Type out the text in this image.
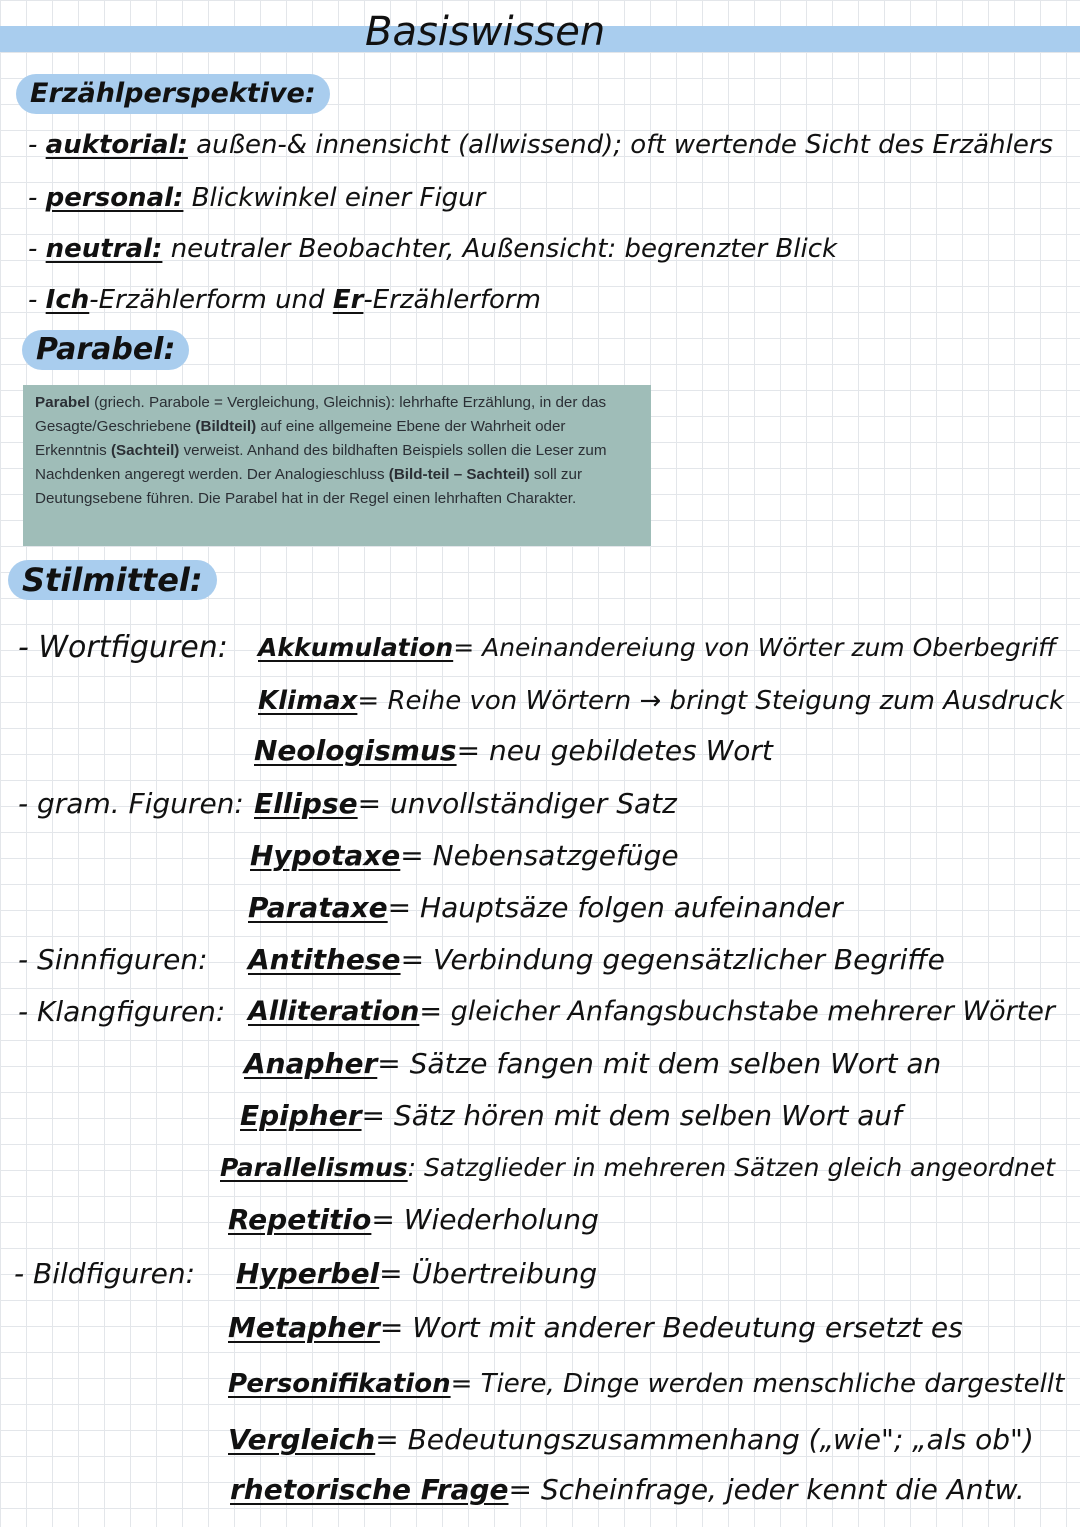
Basiswissen
Erzählperspektive:
- auktorial: außen-& innensicht (allwissend); oft wertende Sicht des Erzählers
- personal: Blickwinkel einer Figur
- neutral: neutraler Beobachter, Außensicht: begrenzter Blick
- Ich-Erzählerform und Er-Erzählerform
Parabel:
Parabel (griech. Parabole = Vergleichung, Gleichnis): lehrhafte Erzählung, in der das Gesagte/Geschriebene (Bildteil) auf eine allgemeine Ebene der Wahrheit oder Erkenntnis (Sachteil) verweist. Anhand des bildhaften Beispiels sollen die Leser zum Nachdenken angeregt werden. Der Analogieschluss (Bild-teil – Sachteil) soll zur Deutungsebene führen. Die Parabel hat in der Regel einen lehrhaften Charakter.
Stilmittel:
- Wortfiguren: Akkumulation= Aneinandereiung von Wörter zum Oberbegriff
Klimax= Reihe von Wörtern → bringt Steigung zum Ausdruck
Neologismus= neu gebildetes Wort
- gram. Figuren: Ellipse= unvollständiger Satz
Hypotaxe= Nebensatzgefüge
Parataxe= Hauptsäze folgen aufeinander
- Sinnfiguren: Antithese= Verbindung gegensätzlicher Begriffe
- Klangfiguren: Alliteration= gleicher Anfangsbuchstabe mehrerer Wörter
Anapher= Sätze fangen mit dem selben Wort an
Epipher= Sätz hören mit dem selben Wort auf
Parallelismus: Satzglieder in mehreren Sätzen gleich angeordnet
Repetitio= Wiederholung
- Bildfiguren: Hyperbel= Übertreibung
Metapher= Wort mit anderer Bedeutung ersetzt es
Personifikation= Tiere, Dinge werden menschliche dargestellt
Vergleich= Bedeutungszusammenhang („wie"; „als ob")
rhetorische Frage= Scheinfrage, jeder kennt die Antw.
